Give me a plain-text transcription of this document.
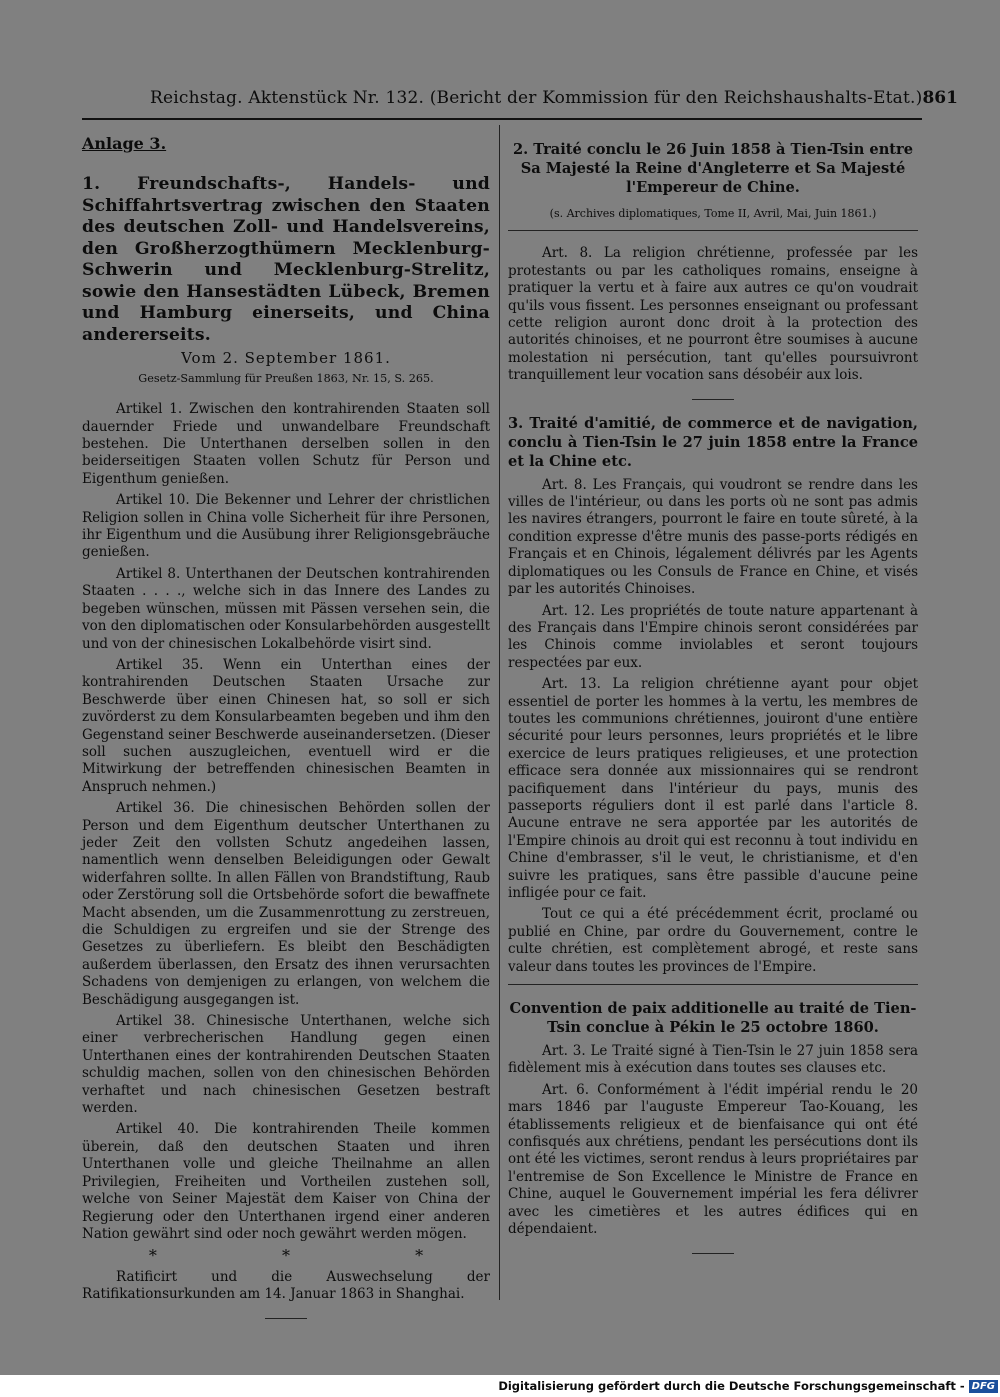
Reichstag. Aktenstück Nr. 132. (Bericht der Kommission für den Reichshaushalts-Etat.) 861
Anlage 3.
1. Freundschafts-, Handels- und Schiffahrtsvertrag zwischen den Staaten des deutschen Zoll- und Handelsvereins, den Großherzogthümern Mecklenburg-Schwerin und Mecklenburg-Strelitz, sowie den Hansestädten Lübeck, Bremen und Hamburg einerseits, und China andererseits.
Vom 2. September 1861.
Gesetz-Sammlung für Preußen 1863, Nr. 15, S. 265.

Artikel 1. Zwischen den kontrahirenden Staaten soll dauernder Friede und unwandelbare Freundschaft bestehen. Die Unterthanen derselben sollen in den beiderseitigen Staaten vollen Schutz für Person und Eigenthum genießen.

Artikel 10. Die Bekenner und Lehrer der christlichen Religion sollen in China volle Sicherheit für ihre Personen, ihr Eigenthum und die Ausübung ihrer Religionsgebräuche genießen.

Artikel 8. Unterthanen der Deutschen kontrahirenden Staaten . . . ., welche sich in das Innere des Landes zu begeben wünschen, müssen mit Pässen versehen sein, die von den diplomatischen oder Konsularbehörden ausgestellt und von der chinesischen Lokalbehörde visirt sind.

Artikel 35. Wenn ein Unterthan eines der kontrahirenden Deutschen Staaten Ursache zur Beschwerde über einen Chinesen hat, so soll er sich zuvörderst zu dem Konsularbeamten begeben und ihm den Gegenstand seiner Beschwerde auseinandersetzen. (Dieser soll suchen auszugleichen, eventuell wird er die Mitwirkung der betreffenden chinesischen Beamten in Anspruch nehmen.)

Artikel 36. Die chinesischen Behörden sollen der Person und dem Eigenthum deutscher Unterthanen zu jeder Zeit den vollsten Schutz angedeihen lassen, namentlich wenn denselben Beleidigungen oder Gewalt widerfahren sollte. In allen Fällen von Brandstiftung, Raub oder Zerstörung soll die Ortsbehörde sofort die bewaffnete Macht absenden, um die Zusammenrottung zu zerstreuen, die Schuldigen zu ergreifen und sie der Strenge des Gesetzes zu überliefern. Es bleibt den Beschädigten außerdem überlassen, den Ersatz des ihnen verursachten Schadens von demjenigen zu erlangen, von welchem die Beschädigung ausgegangen ist.

Artikel 38. Chinesische Unterthanen, welche sich einer verbrecherischen Handlung gegen einen Unterthanen eines der kontrahirenden Deutschen Staaten schuldig machen, sollen von den chinesischen Behörden verhaftet und nach chinesischen Gesetzen bestraft werden.

Artikel 40. Die kontrahirenden Theile kommen überein, daß den deutschen Staaten und ihren Unterthanen volle und gleiche Theilnahme an allen Privilegien, Freiheiten und Vortheilen zustehen soll, welche von Seiner Majestät dem Kaiser von China der Regierung oder den Unterthanen irgend einer anderen Nation gewährt sind oder noch gewährt werden mögen.

* * *

Ratificirt und die Auswechselung der Ratifikationsurkunden am 14. Januar 1863 in Shanghai.

2. Traité conclu le 26 Juin 1858 à Tien-Tsin entre Sa Majesté la Reine d'Angleterre et Sa Majesté l'Empereur de Chine.
(s. Archives diplomatiques, Tome II, Avril, Mai, Juin 1861.)

Art. 8. La religion chrétienne, professée par les protestants ou par les catholiques romains, enseigne à pratiquer la vertu et à faire aux autres ce qu'on voudrait qu'ils vous fissent. Les personnes enseignant ou professant cette religion auront donc droit à la protection des autorités chinoises, et ne pourront être soumises à aucune molestation ni persécution, tant qu'elles poursuivront tranquillement leur vocation sans désobéir aux lois.

3. Traité d'amitié, de commerce et de navigation, conclu à Tien-Tsin le 27 juin 1858 entre la France et la Chine etc.

Art. 8. Les Français, qui voudront se rendre dans les villes de l'intérieur, ou dans les ports où ne sont pas admis les navires étrangers, pourront le faire en toute sûreté, à la condition expresse d'être munis des passe-ports rédigés en Français et en Chinois, légalement délivrés par les Agents diplomatiques ou les Consuls de France en Chine, et visés par les autorités Chinoises.

Art. 12. Les propriétés de toute nature appartenant à des Français dans l'Empire chinois seront considérées par les Chinois comme inviolables et seront toujours respectées par eux.

Art. 13. La religion chrétienne ayant pour objet essentiel de porter les hommes à la vertu, les membres de toutes les communions chrétiennes, jouiront d'une entière sécurité pour leurs personnes, leurs propriétés et le libre exercice de leurs pratiques religieuses, et une protection efficace sera donnée aux missionnaires qui se rendront pacifiquement dans l'intérieur du pays, munis des passeports réguliers dont il est parlé dans l'article 8. Aucune entrave ne sera apportée par les autorités de l'Empire chinois au droit qui est reconnu à tout individu en Chine d'embrasser, s'il le veut, le christianisme, et d'en suivre les pratiques, sans être passible d'aucune peine infligée pour ce fait.

Tout ce qui a été précédemment écrit, proclamé ou publié en Chine, par ordre du Gouvernement, contre le culte chrétien, est complètement abrogé, et reste sans valeur dans toutes les provinces de l'Empire.

Convention de paix additionelle au traité de Tien-Tsin conclue à Pékin le 25 octobre 1860.

Art. 3. Le Traité signé à Tien-Tsin le 27 juin 1858 sera fidèlement mis à exécution dans toutes ses clauses etc.

Art. 6. Conformément à l'édit impérial rendu le 20 mars 1846 par l'auguste Empereur Tao-Kouang, les établissements religieux et de bienfaisance qui ont été confisqués aux chrétiens, pendant les persécutions dont ils ont été les victimes, seront rendus à leurs propriétaires par l'entremise de Son Excellence le Ministre de France en Chine, auquel le Gouvernement impérial les fera délivrer avec les cimetières et les autres édifices qui en dépendaient.

Digitalisierung gefördert durch die Deutsche Forschungsgemeinschaft - DFG
